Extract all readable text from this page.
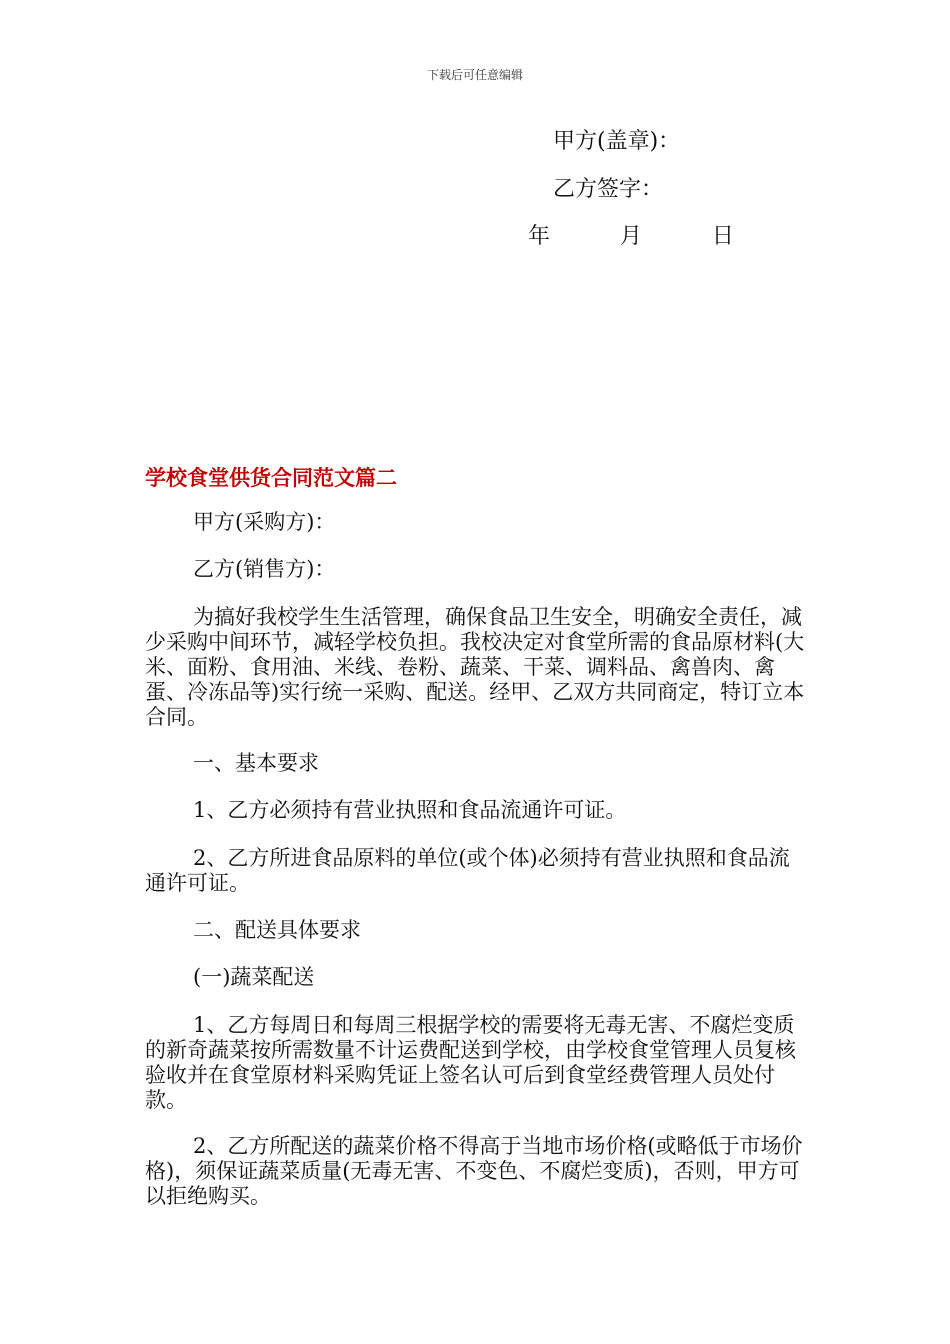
下载后可任意编辑
甲方(盖章)：
乙方签字：
年          月          日
学校食堂供货合同范文篇二
甲方(采购方)：
乙方(销售方)：
为搞好我校学生生活管理，确保食品卫生安全，明确安全责任，减少采购中间环节，减轻学校负担。我校决定对食堂所需的食品原材料(大米、面粉、食用油、米线、卷粉、蔬菜、干菜、调料品、禽兽肉、禽蛋、冷冻品等)实行统一采购、配送。经甲、乙双方共同商定，特订立本合同。
一、基本要求
1、乙方必须持有营业执照和食品流通许可证。
2、乙方所进食品原料的单位(或个体)必须持有营业执照和食品流通许可证。
二、配送具体要求
(一)蔬菜配送
1、乙方每周日和每周三根据学校的需要将无毒无害、不腐烂变质的新奇蔬菜按所需数量不计运费配送到学校，由学校食堂管理人员复核验收并在食堂原材料采购凭证上签名认可后到食堂经费管理人员处付款。
2、乙方所配送的蔬菜价格不得高于当地市场价格(或略低于市场价格)，须保证蔬菜质量(无毒无害、不变色、不腐烂变质)，否则，甲方可以拒绝购买。
